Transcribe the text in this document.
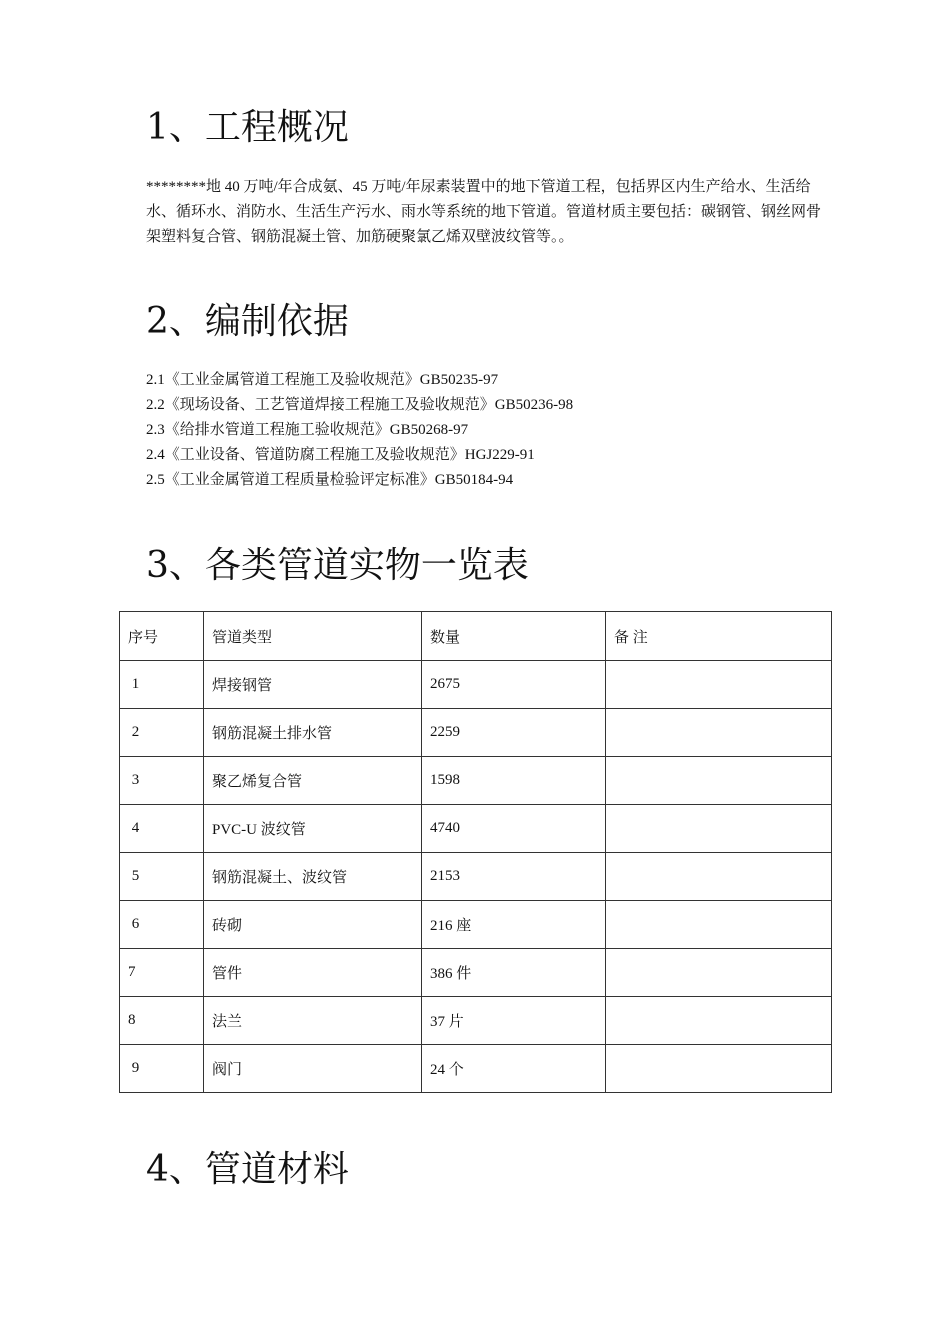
1、工程概况

********地 40 万吨/年合成氨、45 万吨/年尿素装置中的地下管道工程，包括界区内生产给水、生活给水、循环水、消防水、生活生产污水、雨水等系统的地下管道。管道材质主要包括：碳钢管、钢丝网骨架塑料复合管、钢筋混凝土管、加筋硬聚氯乙烯双壁波纹管等。。

2、编制依据
2.1《工业金属管道工程施工及验收规范》GB50235-97
2.2《现场设备、工艺管道焊接工程施工及验收规范》GB50236-98
2.3《给排水管道工程施工验收规范》GB50268-97
2.4《工业设备、管道防腐工程施工及验收规范》HGJ229-91
2.5《工业金属管道工程质量检验评定标准》GB50184-94
3、各类管道实物一览表
序号	管道类型	数量	备 注
1	焊接钢管	2675	
2	钢筋混凝土排水管	2259	
3	聚乙烯复合管	1598	
4	PVC-U 波纹管	4740	
5	钢筋混凝土、波纹管	2153	
6	砖砌	216 座	
7	管件	386 件	
8	法兰	37 片	
9	阀门	24 个	
4、管道材料
